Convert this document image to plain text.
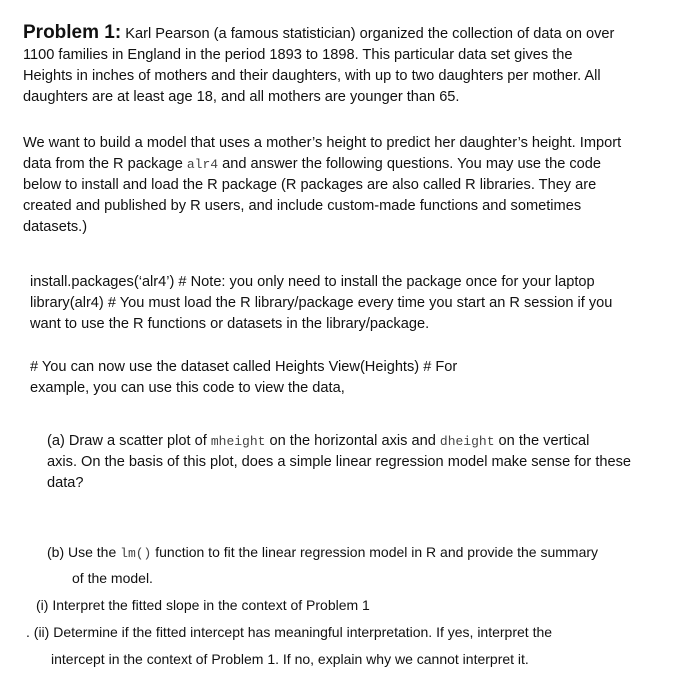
Problem 1: Karl Pearson (a famous statistician) organized the collection of data on over
1100 families in England in the period 1893 to 1898. This particular data set gives the
Heights in inches of mothers and their daughters, with up to two daughters per mother. All
daughters are at least age 18, and all mothers are younger than 65.
We want to build a model that uses a mother’s height to predict her daughter’s height. Import
data from the R package alr4 and answer the following questions. You may use the code
below to install and load the R package (R packages are also called R libraries. They are
created and published by R users, and include custom-made functions and sometimes
datasets.)
install.packages(‘alr4’) # Note: you only need to install the package once for your laptop
library(alr4) # You must load the R library/package every time you start an R session if you
want to use the R functions or datasets in the library/package.
# You can now use the dataset called Heights View(Heights) # For
example, you can use this code to view the data,
(a) Draw a scatter plot of mheight on the horizontal axis and dheight on the vertical
axis. On the basis of this plot, does a simple linear regression model make sense for these
data?
(b) Use the lm() function to fit the linear regression model in R and provide the summary
of the model.
(i) Interpret the fitted slope in the context of Problem 1
. (ii) Determine if the fitted intercept has meaningful interpretation. If yes, interpret the
intercept in the context of Problem 1. If no, explain why we cannot interpret it.
